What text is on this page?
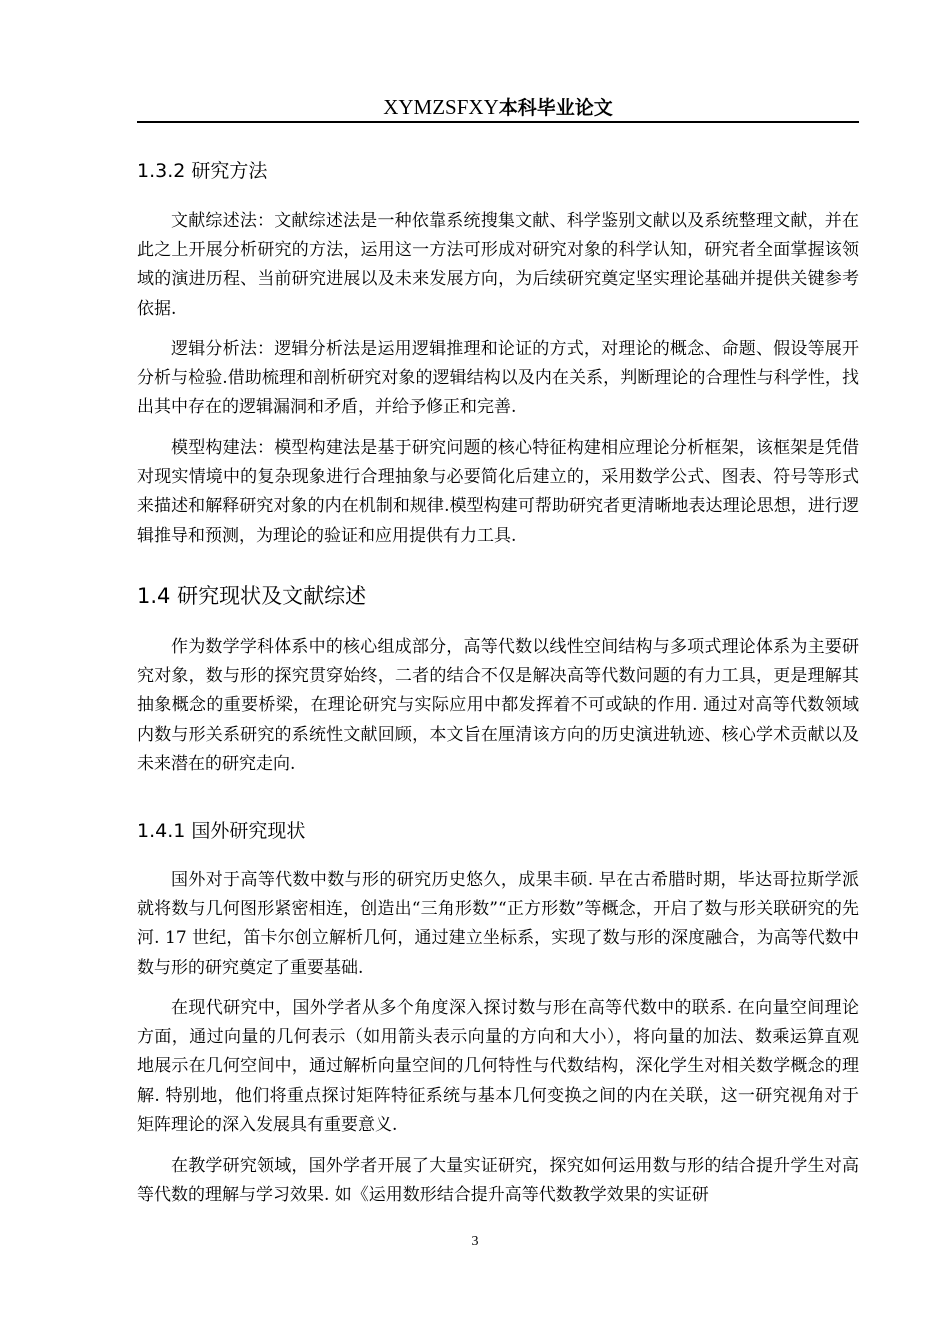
XYMZSFXY本科毕业论文
1.3.2 研究方法

文献综述法：文献综述法是一种依靠系统搜集文献、科学鉴别文献以及系统整理文献，并在此之上开展分析研究的方法，运用这一方法可形成对研究对象的科学认知，研究者全面掌握该领域的演进历程、当前研究进展以及未来发展方向，为后续研究奠定坚实理论基础并提供关键参考依据.

逻辑分析法：逻辑分析法是运用逻辑推理和论证的方式，对理论的概念、命题、假设等展开分析与检验.借助梳理和剖析研究对象的逻辑结构以及内在关系，判断理论的合理性与科学性，找出其中存在的逻辑漏洞和矛盾，并给予修正和完善.

模型构建法：模型构建法是基于研究问题的核心特征构建相应理论分析框架，该框架是凭借对现实情境中的复杂现象进行合理抽象与必要简化后建立的，采用数学公式、图表、符号等形式来描述和解释研究对象的内在机制和规律.模型构建可帮助研究者更清晰地表达理论思想，进行逻辑推导和预测，为理论的验证和应用提供有力工具.

1.4 研究现状及文献综述

作为数学学科体系中的核心组成部分，高等代数以线性空间结构与多项式理论体系为主要研究对象，数与形的探究贯穿始终，二者的结合不仅是解决高等代数问题的有力工具，更是理解其抽象概念的重要桥梁，在理论研究与实际应用中都发挥着不可或缺的作用. 通过对高等代数领域内数与形关系研究的系统性文献回顾，本文旨在厘清该方向的历史演进轨迹、核心学术贡献以及未来潜在的研究走向.

1.4.1 国外研究现状

国外对于高等代数中数与形的研究历史悠久，成果丰硕. 早在古希腊时期，毕达哥拉斯学派就将数与几何图形紧密相连，创造出“三角形数”“正方形数”等概念，开启了数与形关联研究的先河. 17 世纪，笛卡尔创立解析几何，通过建立坐标系，实现了数与形的深度融合，为高等代数中数与形的研究奠定了重要基础.

在现代研究中，国外学者从多个角度深入探讨数与形在高等代数中的联系. 在向量空间理论方面，通过向量的几何表示（如用箭头表示向量的方向和大小），将向量的加法、数乘运算直观地展示在几何空间中，通过解析向量空间的几何特性与代数结构，深化学生对相关数学概念的理解. 特别地，他们将重点探讨矩阵特征系统与基本几何变换之间的内在关联，这一研究视角对于矩阵理论的深入发展具有重要意义.

在教学研究领域，国外学者开展了大量实证研究，探究如何运用数与形的结合提升学生对高等代数的理解与学习效果. 如《运用数形结合提升高等代数教学效果的实证研

3
